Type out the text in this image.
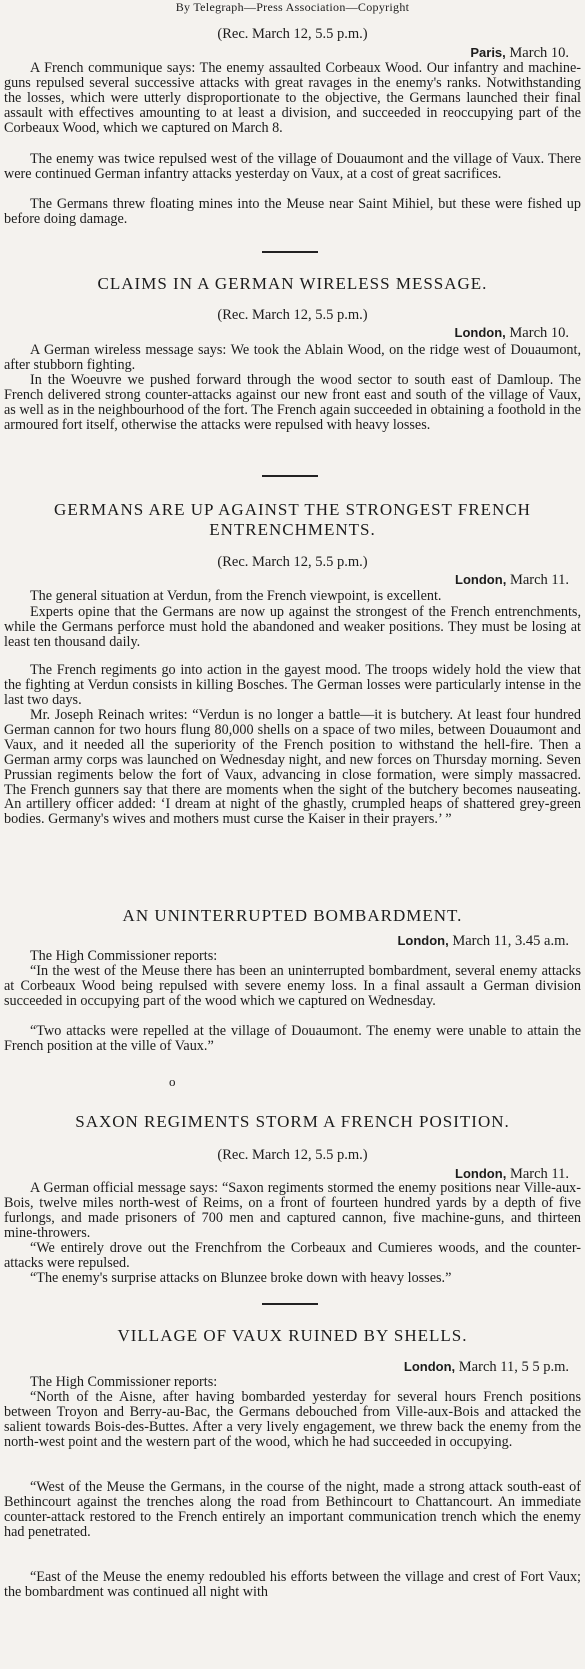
By Telegraph—Press Association—Copyright
(Rec. March 12, 5.5 p.m.)
Paris, March 10.

A French communique says: The enemy assaulted Corbeaux Wood. Our infantry and machine-guns repulsed several successive attacks with great ravages in the enemy's ranks. Notwithstanding the losses, which were utterly disproportionate to the objective, the Germans launched their final assault with effectives amounting to at least a division, and succeeded in reoccupying part of the Corbeaux Wood, which we captured on March 8.

The enemy was twice repulsed west of the village of Douaumont and the village of Vaux. There were continued German infantry attacks yesterday on Vaux, at a cost of great sacrifices.

The Germans threw floating mines into the Meuse near Saint Mihiel, but these were fished up before doing damage.

CLAIMS IN A GERMAN WIRELESS MESSAGE.
(Rec. March 12, 5.5 p.m.)
London, March 10.

A German wireless message says: We took the Ablain Wood, on the ridge west of Douaumont, after stubborn fighting.

In the Woeuvre we pushed forward through the wood sector to south east of Damloup. The French delivered strong counter-attacks against our new front east and south of the village of Vaux, as well as in the neighbourhood of the fort. The French again succeeded in obtaining a foothold in the armoured fort itself, otherwise the attacks were repulsed with heavy losses.

GERMANS ARE UP AGAINST THE STRONGEST FRENCH ENTRENCHMENTS.
(Rec. March 12, 5.5 p.m.)
London, March 11.

The general situation at Verdun, from the French viewpoint, is excellent.

Experts opine that the Germans are now up against the strongest of the French entrenchments, while the Germans perforce must hold the abandoned and weaker positions. They must be losing at least ten thousand daily.

The French regiments go into action in the gayest mood. The troops widely hold the view that the fighting at Verdun consists in killing Bosches. The German losses were particularly intense in the last two days.

Mr. Joseph Reinach writes: “Verdun is no longer a battle—it is butchery. At least four hundred German cannon for two hours flung 80,000 shells on a space of two miles, between Douaumont and Vaux, and it needed all the superiority of the French position to withstand the hell-fire. Then a German army corps was launched on Wednesday night, and new forces on Thursday morning. Seven Prussian regiments below the fort of Vaux, advancing in close formation, were simply massacred. The French gunners say that there are moments when the sight of the butchery becomes nauseating. An artillery officer added: ‘I dream at night of the ghastly, crumpled heaps of shattered grey-green bodies. Germany's wives and mothers must curse the Kaiser in their prayers.’ ”

AN UNINTERRUPTED BOMBARDMENT.
London, March 11, 3.45 a.m.

The High Commissioner reports:

“In the west of the Meuse there has been an uninterrupted bombardment, several enemy attacks at Corbeaux Wood being repulsed with severe enemy loss. In a final assault a German division succeeded in occupying part of the wood which we captured on Wednesday.

“Two attacks were repelled at the village of Douaumont. The enemy were unable to attain the French position at the ville of Vaux.”

o
SAXON REGIMENTS STORM A FRENCH POSITION.
(Rec. March 12, 5.5 p.m.)
London, March 11.

A German official message says: “Saxon regiments stormed the enemy positions near Ville-aux-Bois, twelve miles north-west of Reims, on a front of fourteen hundred yards by a depth of five furlongs, and made prisoners of 700 men and captured cannon, five machine-guns, and thirteen mine-throwers.

“We entirely drove out the Frenchfrom the Corbeaux and Cumieres woods, and the counter-attacks were repulsed.

“The enemy's surprise attacks on Blunzee broke down with heavy losses.”

VILLAGE OF VAUX RUINED BY SHELLS.
London, March 11, 5 5 p.m.

The High Commissioner reports:

“North of the Aisne, after having bombarded yesterday for several hours French positions between Troyon and Berry-au-Bac, the Germans debouched from Ville-aux-Bois and attacked the salient towards Bois-des-Buttes. After a very lively engagement, we threw back the enemy from the north-west point and the western part of the wood, which he had succeeded in occupying.

“West of the Meuse the Germans, in the course of the night, made a strong attack south-east of Bethincourt against the trenches along the road from Bethincourt to Chattancourt. An immediate counter-attack restored to the French entirely an important communication trench which the enemy had penetrated.

“East of the Meuse the enemy redoubled his efforts between the village and crest of Fort Vaux; the bombardment was continued all night with
